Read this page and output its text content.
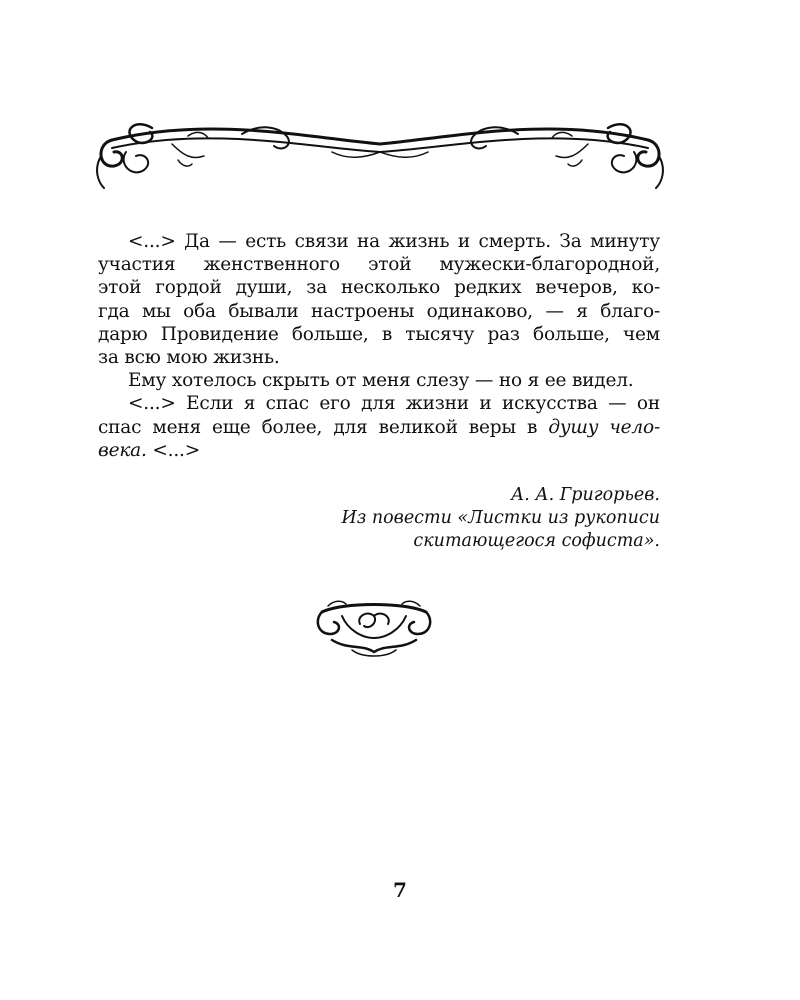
<...> Да — есть связи на жизнь и смерть. За минуту
участия женственного этой мужески-благородной,
этой гордой души, за несколько редких вечеров, ко-
гда мы оба бывали настроены одинаково, — я благо-
дарю Провидение больше, в тысячу раз больше, чем
за всю мою жизнь.
Ему хотелось скрыть от меня слезу — но я ее видел.
<...> Если я спас его для жизни и искусства — он
спас меня еще более, для великой веры в душу чело-
века. <...>
А. А. Григорьев.
Из повести «Листки из рукописи
скитающегося софиста».
7
